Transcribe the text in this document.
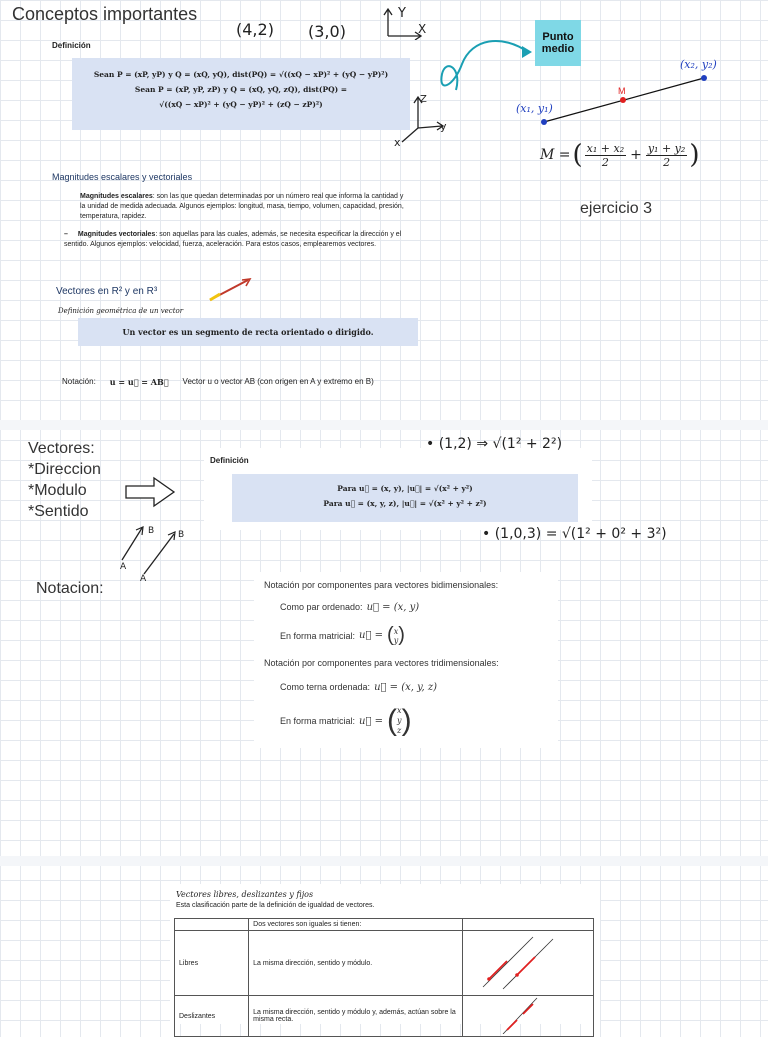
Conceptos importantes
(4,2) (3,0)
Y
X
Definición
Sean P = (xP, yP) y Q = (xQ, yQ), dist(PQ) = √((xQ − xP)² + (yQ − yP)²)
Sean P = (xP, yP, zP) y Q = (xQ, yQ, zQ), dist(PQ) =
√((xQ − xP)² + (yQ − yP)² + (zQ − zP)²)	Z
y
x
Punto medio
(x₂, y₂)
(x₁, y₁)
M
M = ( $\frac{\text{x₁ + x₂}}{2} + \frac{\text{y₁ + y₂}}{2}$ )
Magnitudes escalares y vectoriales
Magnitudes escalares: son las que quedan determinadas por un número real que informa la cantidad y la unidad de medida adecuada. Algunos ejemplos: longitud, masa, tiempo, volumen, capacidad, presión, temperatura, rapidez.
– Magnitudes vectoriales: son aquellas para las cuales, además, se necesita especificar la dirección y el sentido. Algunos ejemplos: velocidad, fuerza, aceleración. Para estos casos, emplearemos vectores.
ejercicio 3
Vectores en R² y en R³
Definición geométrica de un vector
Un vector es un segmento de recta orientado o dirigido.
Notación: u = u⃗ = AB⃗ Vector u o vector AB (con origen en A y extremo en B)
Vectores:
*Direccion
*Modulo
*Sentido
Definición
Para u⃗ = (x, y), |u⃗| = √(x² + y²)
Para u⃗ = (x, y, z), |u⃗| = √(x² + y² + z²)
• (1,2) ⇒ √(1² + 2²)
• (1,0,3) = √(1² + 0² + 3²)
B	B
A
A
Notacion:	Notación por componentes para vectores bidimensionales:
Como par ordenado: u⃗ = (x, y)
En forma matricial: u⃗ = ( x
y )
Notación por componentes para vectores tridimensionales:
Como terna ordenada: u⃗ = (x, y, z)
En forma matricial: u⃗ = ( x
y
z )
Vectores libres, deslizantes y fijos
Esta clasificación parte de la definición de igualdad de vectores.
	Dos vectores son iguales si tienen:	
Libres	La misma dirección, sentido y módulo.	
Deslizantes	La misma dirección, sentido y módulo y, además, actúan sobre la misma recta.	
